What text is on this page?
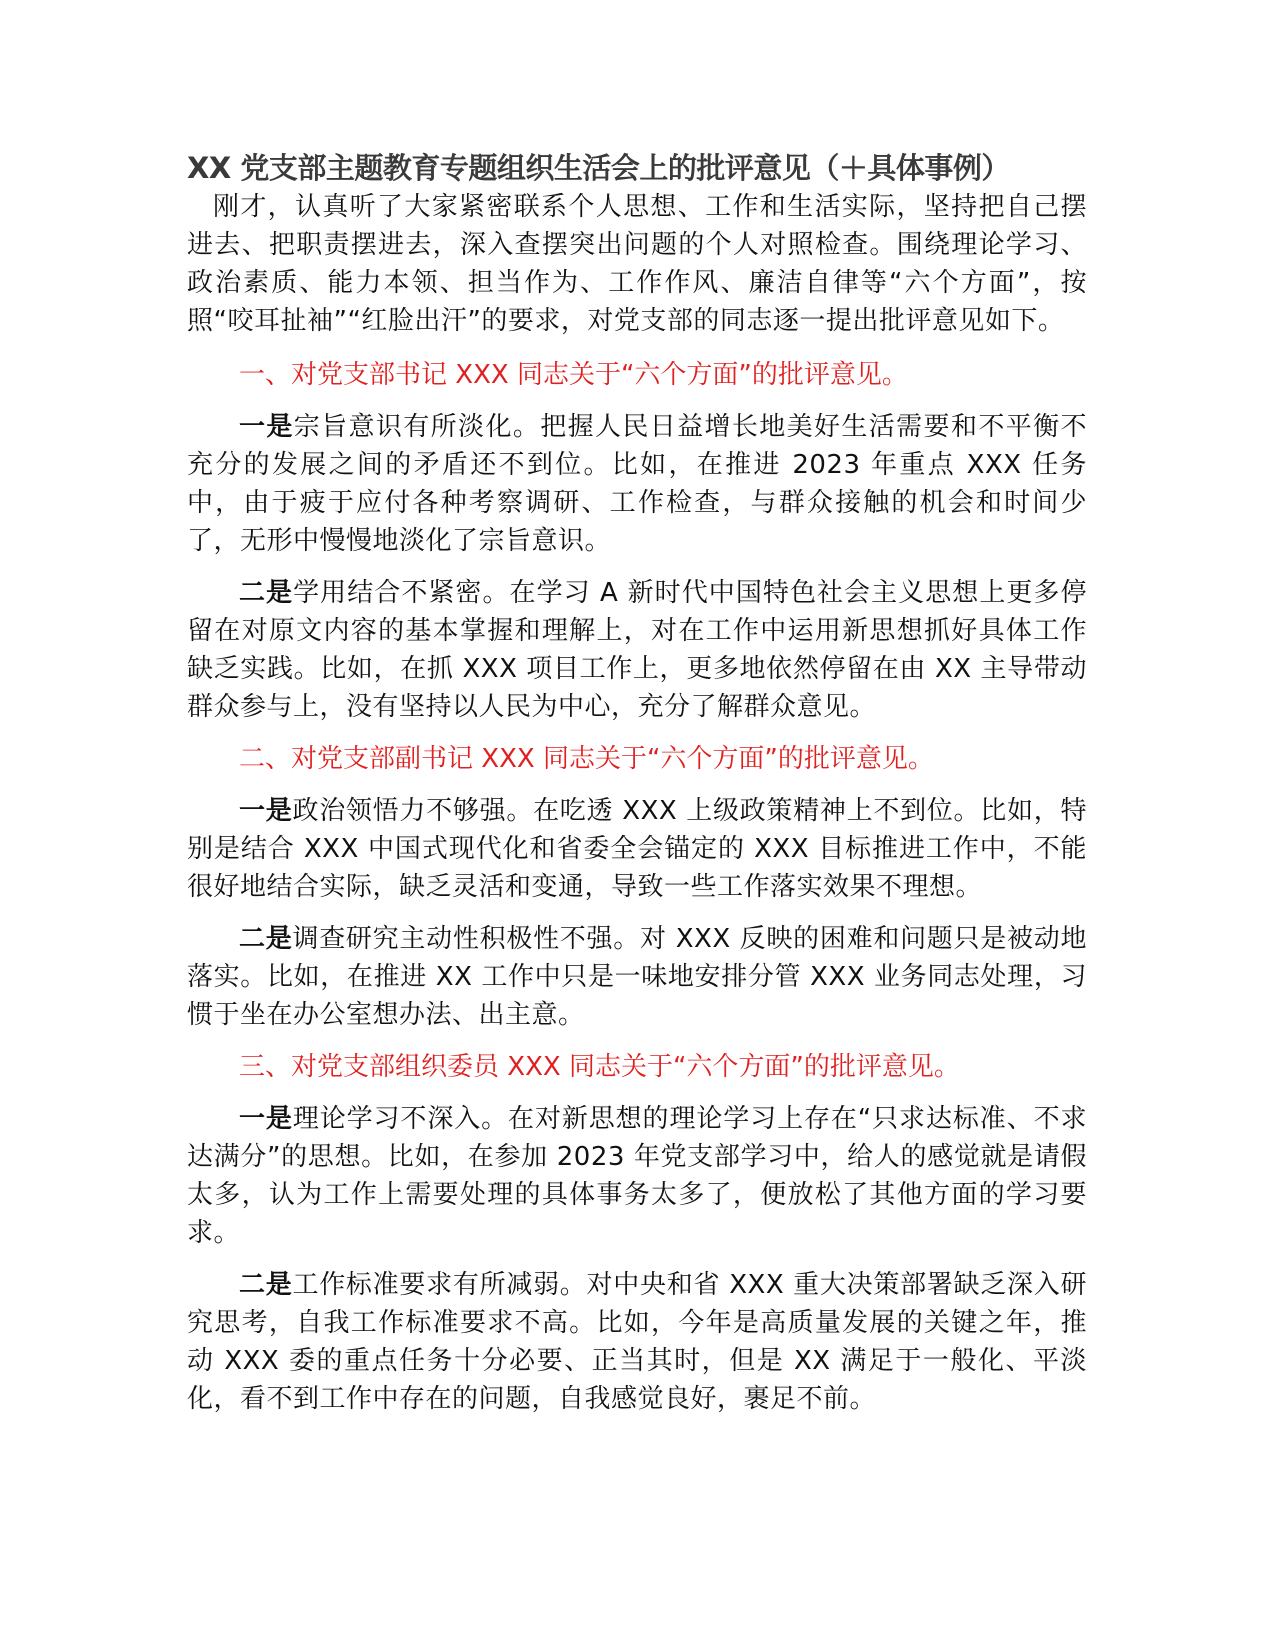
XX 党支部主题教育专题组织生活会上的批评意见（＋具体事例）

刚才，认真听了大家紧密联系个人思想、工作和生活实际，坚持把自己摆进去、把职责摆进去，深入查摆突出问题的个人对照检查。围绕理论学习、政治素质、能力本领、担当作为、工作作风、廉洁自律等“六个方面”，按照“咬耳扯袖”“红脸出汗”的要求，对党支部的同志逐一提出批评意见如下。

一、对党支部书记 XXX 同志关于“六个方面”的批评意见。

一是宗旨意识有所淡化。把握人民日益增长地美好生活需要和不平衡不充分的发展之间的矛盾还不到位。比如，在推进 2023 年重点 XXX 任务中，由于疲于应付各种考察调研、工作检查，与群众接触的机会和时间少了，无形中慢慢地淡化了宗旨意识。

二是学用结合不紧密。在学习 A 新时代中国特色社会主义思想上更多停留在对原文内容的基本掌握和理解上，对在工作中运用新思想抓好具体工作缺乏实践。比如，在抓 XXX 项目工作上，更多地依然停留在由 XX 主导带动群众参与上，没有坚持以人民为中心，充分了解群众意见。

二、对党支部副书记 XXX 同志关于“六个方面”的批评意见。

一是政治领悟力不够强。在吃透 XXX 上级政策精神上不到位。比如，特别是结合 XXX 中国式现代化和省委全会锚定的 XXX 目标推进工作中，不能很好地结合实际，缺乏灵活和变通，导致一些工作落实效果不理想。

二是调查研究主动性积极性不强。对 XXX 反映的困难和问题只是被动地落实。比如，在推进 XX 工作中只是一味地安排分管 XXX 业务同志处理，习惯于坐在办公室想办法、出主意。

三、对党支部组织委员 XXX 同志关于“六个方面”的批评意见。

一是理论学习不深入。在对新思想的理论学习上存在“只求达标准、不求达满分”的思想。比如，在参加 2023 年党支部学习中，给人的感觉就是请假太多，认为工作上需要处理的具体事务太多了，便放松了其他方面的学习要求。

二是工作标准要求有所减弱。对中央和省 XXX 重大决策部署缺乏深入研究思考，自我工作标准要求不高。比如，今年是高质量发展的关键之年，推动 XXX 委的重点任务十分必要、正当其时，但是 XX 满足于一般化、平淡化，看不到工作中存在的问题，自我感觉良好，裹足不前。
